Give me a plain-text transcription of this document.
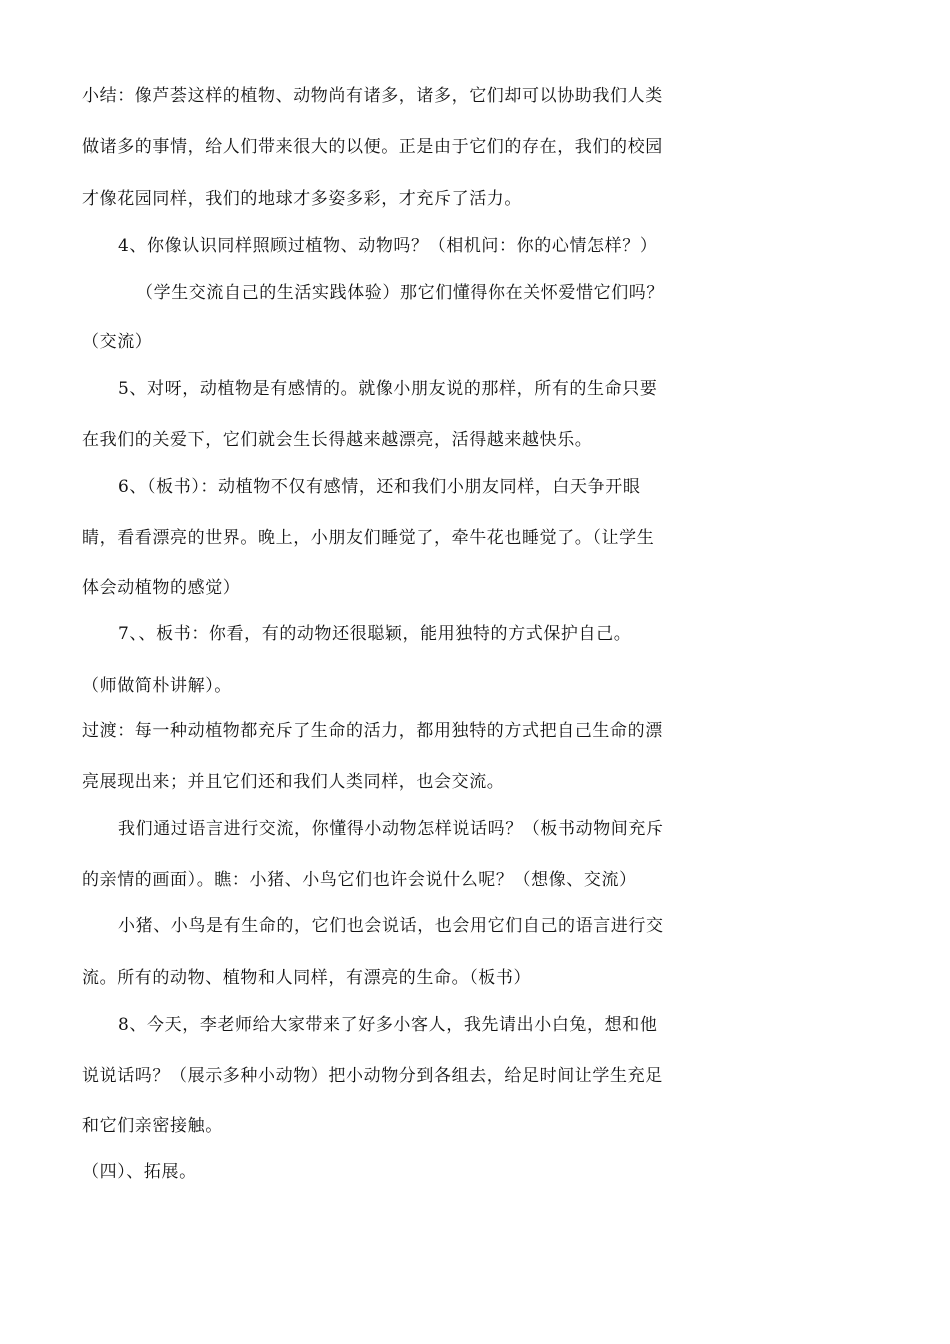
小结：像芦荟这样的植物、动物尚有诸多，诸多，它们却可以协助我们人类
做诸多的事情，给人们带来很大的以便。正是由于它们的存在，我们的校园
才像花园同样，我们的地球才多姿多彩，才充斥了活力。
4、你像认识同样照顾过植物、动物吗？（相机问：你的心情怎样？）
（学生交流自己的生活实践体验）那它们懂得你在关怀爱惜它们吗？
（交流）
5、对呀，动植物是有感情的。就像小朋友说的那样，所有的生命只要
在我们的关爱下，它们就会生长得越来越漂亮，活得越来越快乐。
6、（板书）：动植物不仅有感情，还和我们小朋友同样，白天争开眼
睛，看看漂亮的世界。晚上，小朋友们睡觉了，牵牛花也睡觉了。（让学生
体会动植物的感觉）
7、、板书：你看，有的动物还很聪颖，能用独特的方式保护自己。
（师做简朴讲解）。
过渡：每一种动植物都充斥了生命的活力，都用独特的方式把自己生命的漂
亮展现出来；并且它们还和我们人类同样，也会交流。
我们通过语言进行交流，你懂得小动物怎样说话吗？（板书动物间充斥
的亲情的画面）。瞧：小猪、小鸟它们也许会说什么呢？（想像、交流）
小猪、小鸟是有生命的，它们也会说话，也会用它们自己的语言进行交
流。所有的动物、植物和人同样，有漂亮的生命。（板书）
8、今天，李老师给大家带来了好多小客人，我先请出小白兔，想和他
说说话吗？（展示多种小动物）把小动物分到各组去，给足时间让学生充足
和它们亲密接触。
（四）、拓展。
